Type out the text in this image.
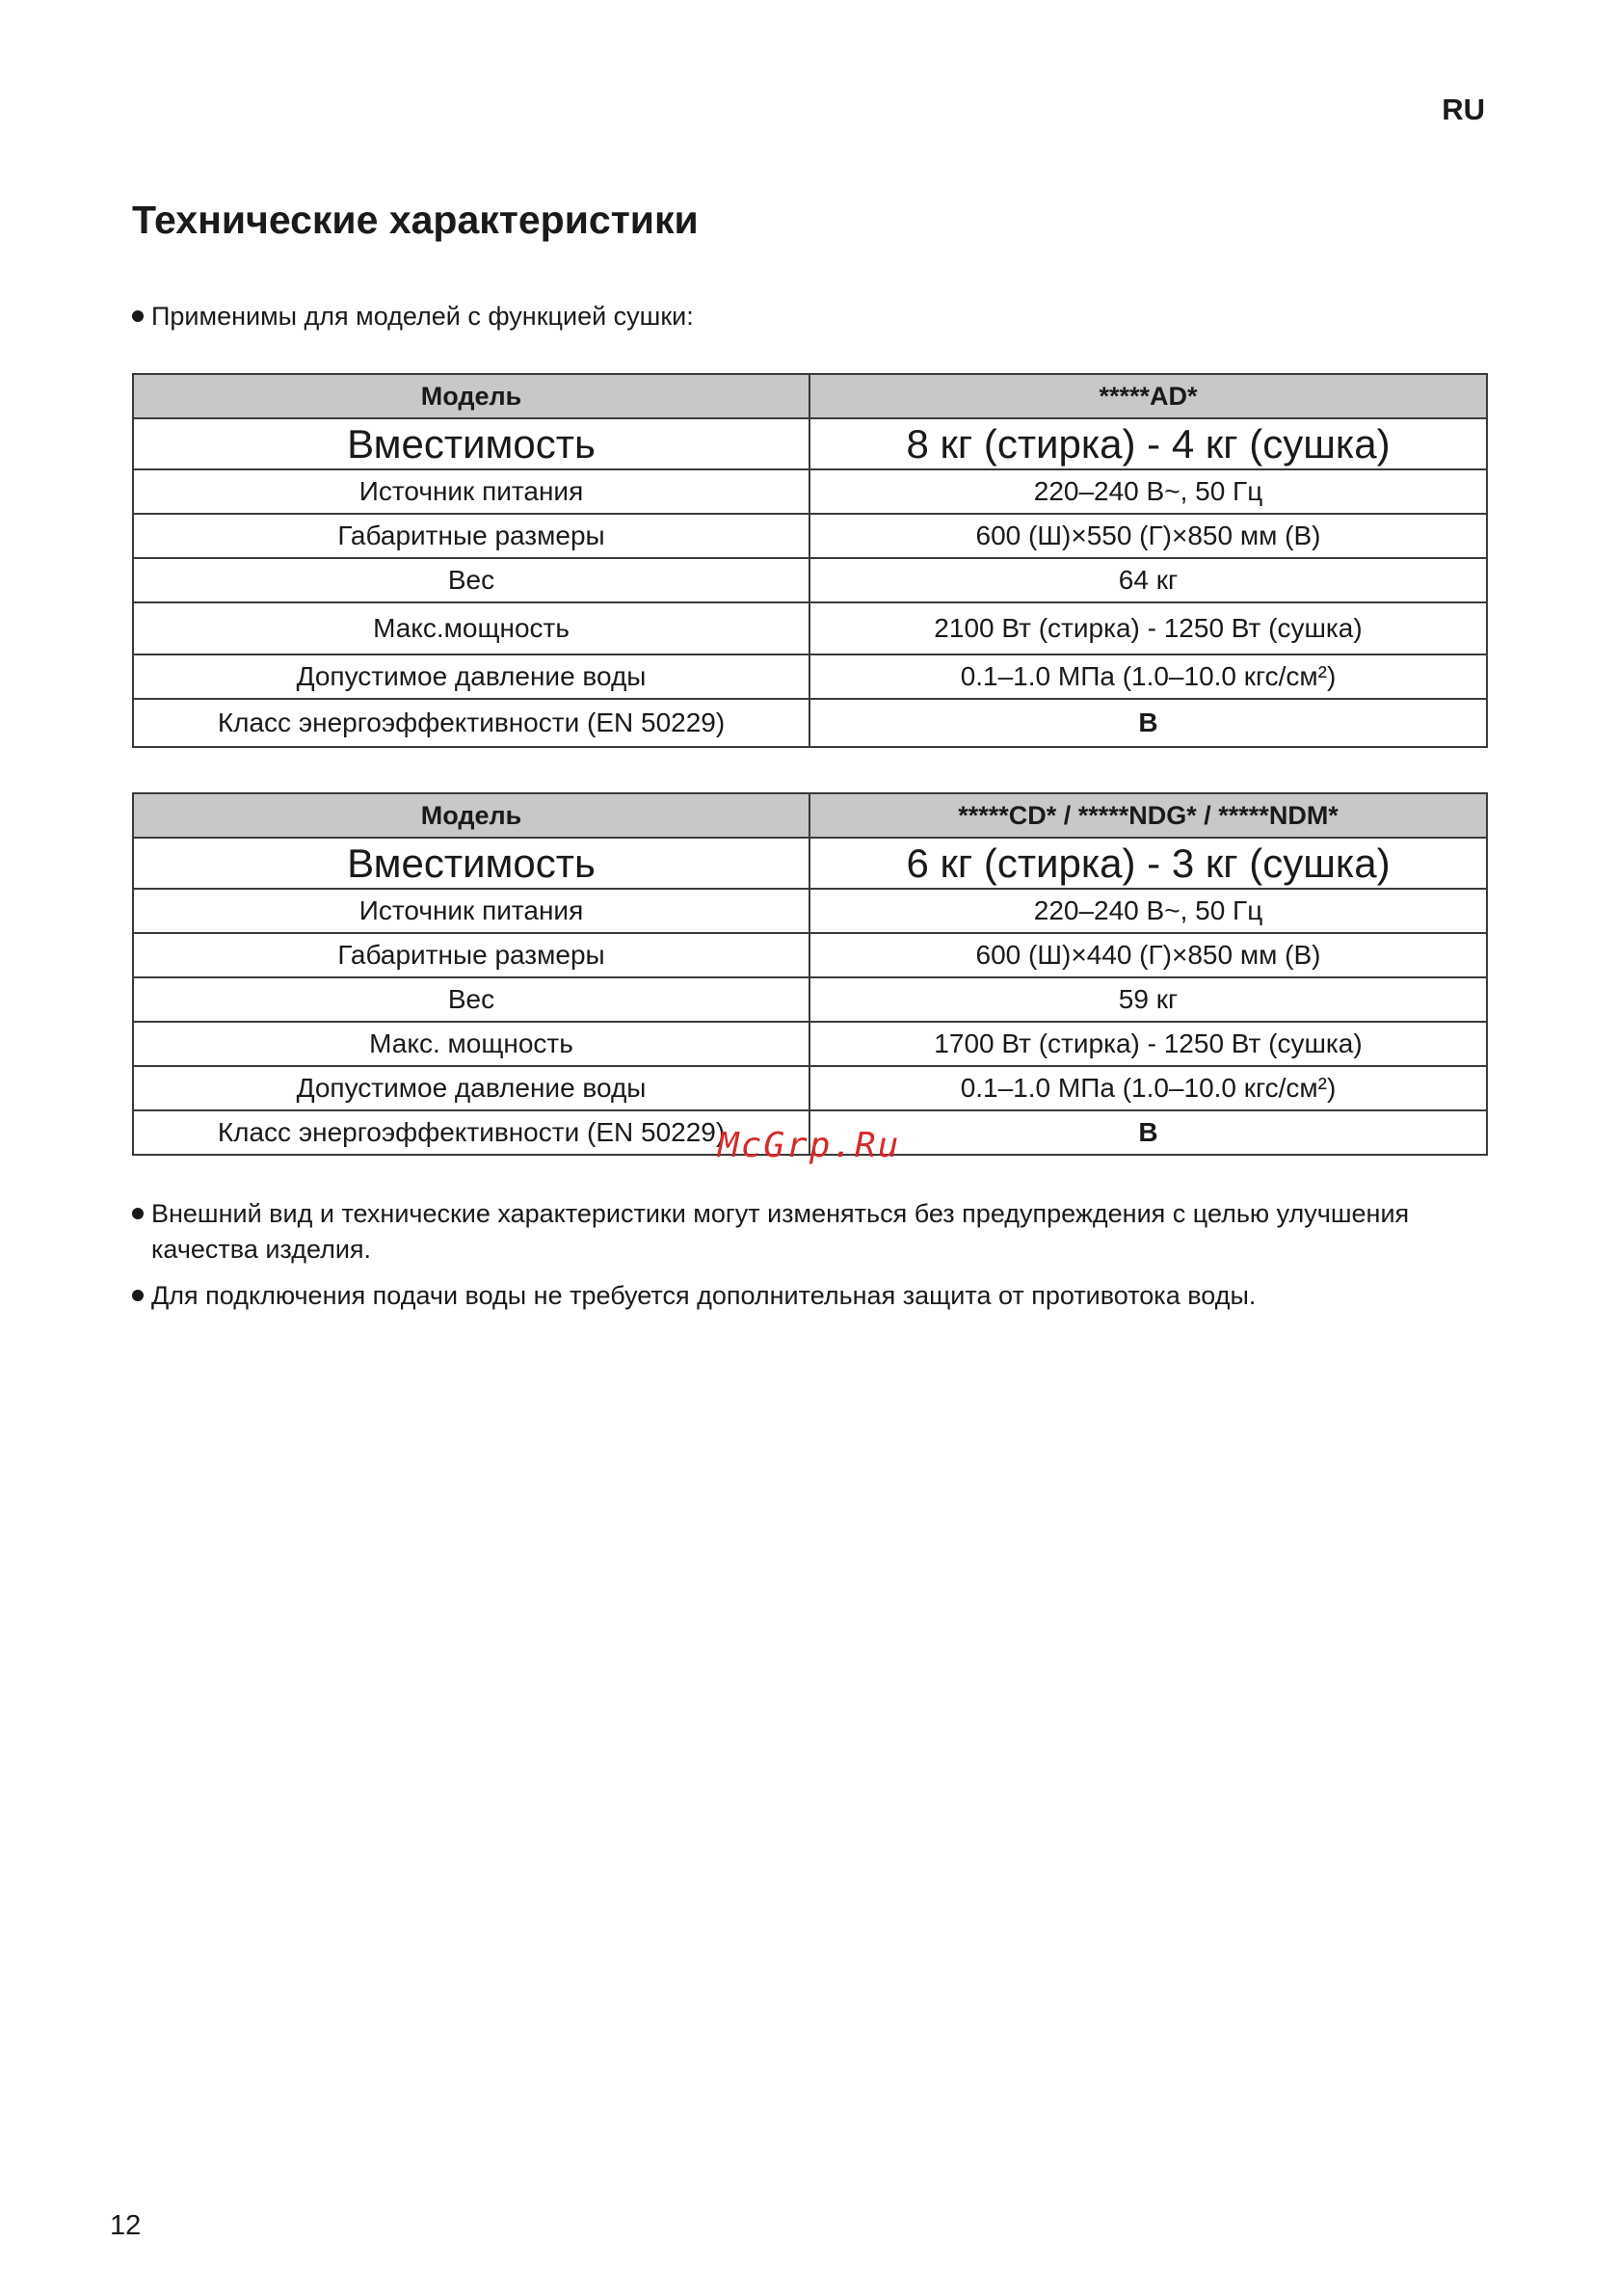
RU
Технические характеристики
Применимы для моделей с функцией сушки:
Модель	*****AD*
Вместимость	8 кг (стирка) - 4 кг (сушка)
Источник питания	220–240 В~, 50 Гц
Габаритные размеры	600 (Ш)×550 (Г)×850 мм (В)
Вес	64 кг
Макс.мощность	2100 Вт (стирка) - 1250 Вт (сушка)
Допустимое давление воды	0.1–1.0 МПа (1.0–10.0 кгс/см²)
Класс энергоэффективности (EN 50229)	B
Модель	*****CD* / *****NDG* / *****NDM*
Вместимость	6 кг (стирка) - 3 кг (сушка)
Источник питания	220–240 В~, 50 Гц
Габаритные размеры	600 (Ш)×440 (Г)×850 мм (В)
Вес	59 кг
Макс. мощность	1700 Вт (стирка) - 1250 Вт (сушка)
Допустимое давление воды	0.1–1.0 МПа (1.0–10.0 кгс/см²)
Класс энергоэффективности (EN 50229)	B
McGrp.Ru
Внешний вид и технические характеристики могут изменяться без предупреждения с целью улучшения качества изделия.
Для подключения подачи воды не требуется дополнительная защита от противотока воды.
12
